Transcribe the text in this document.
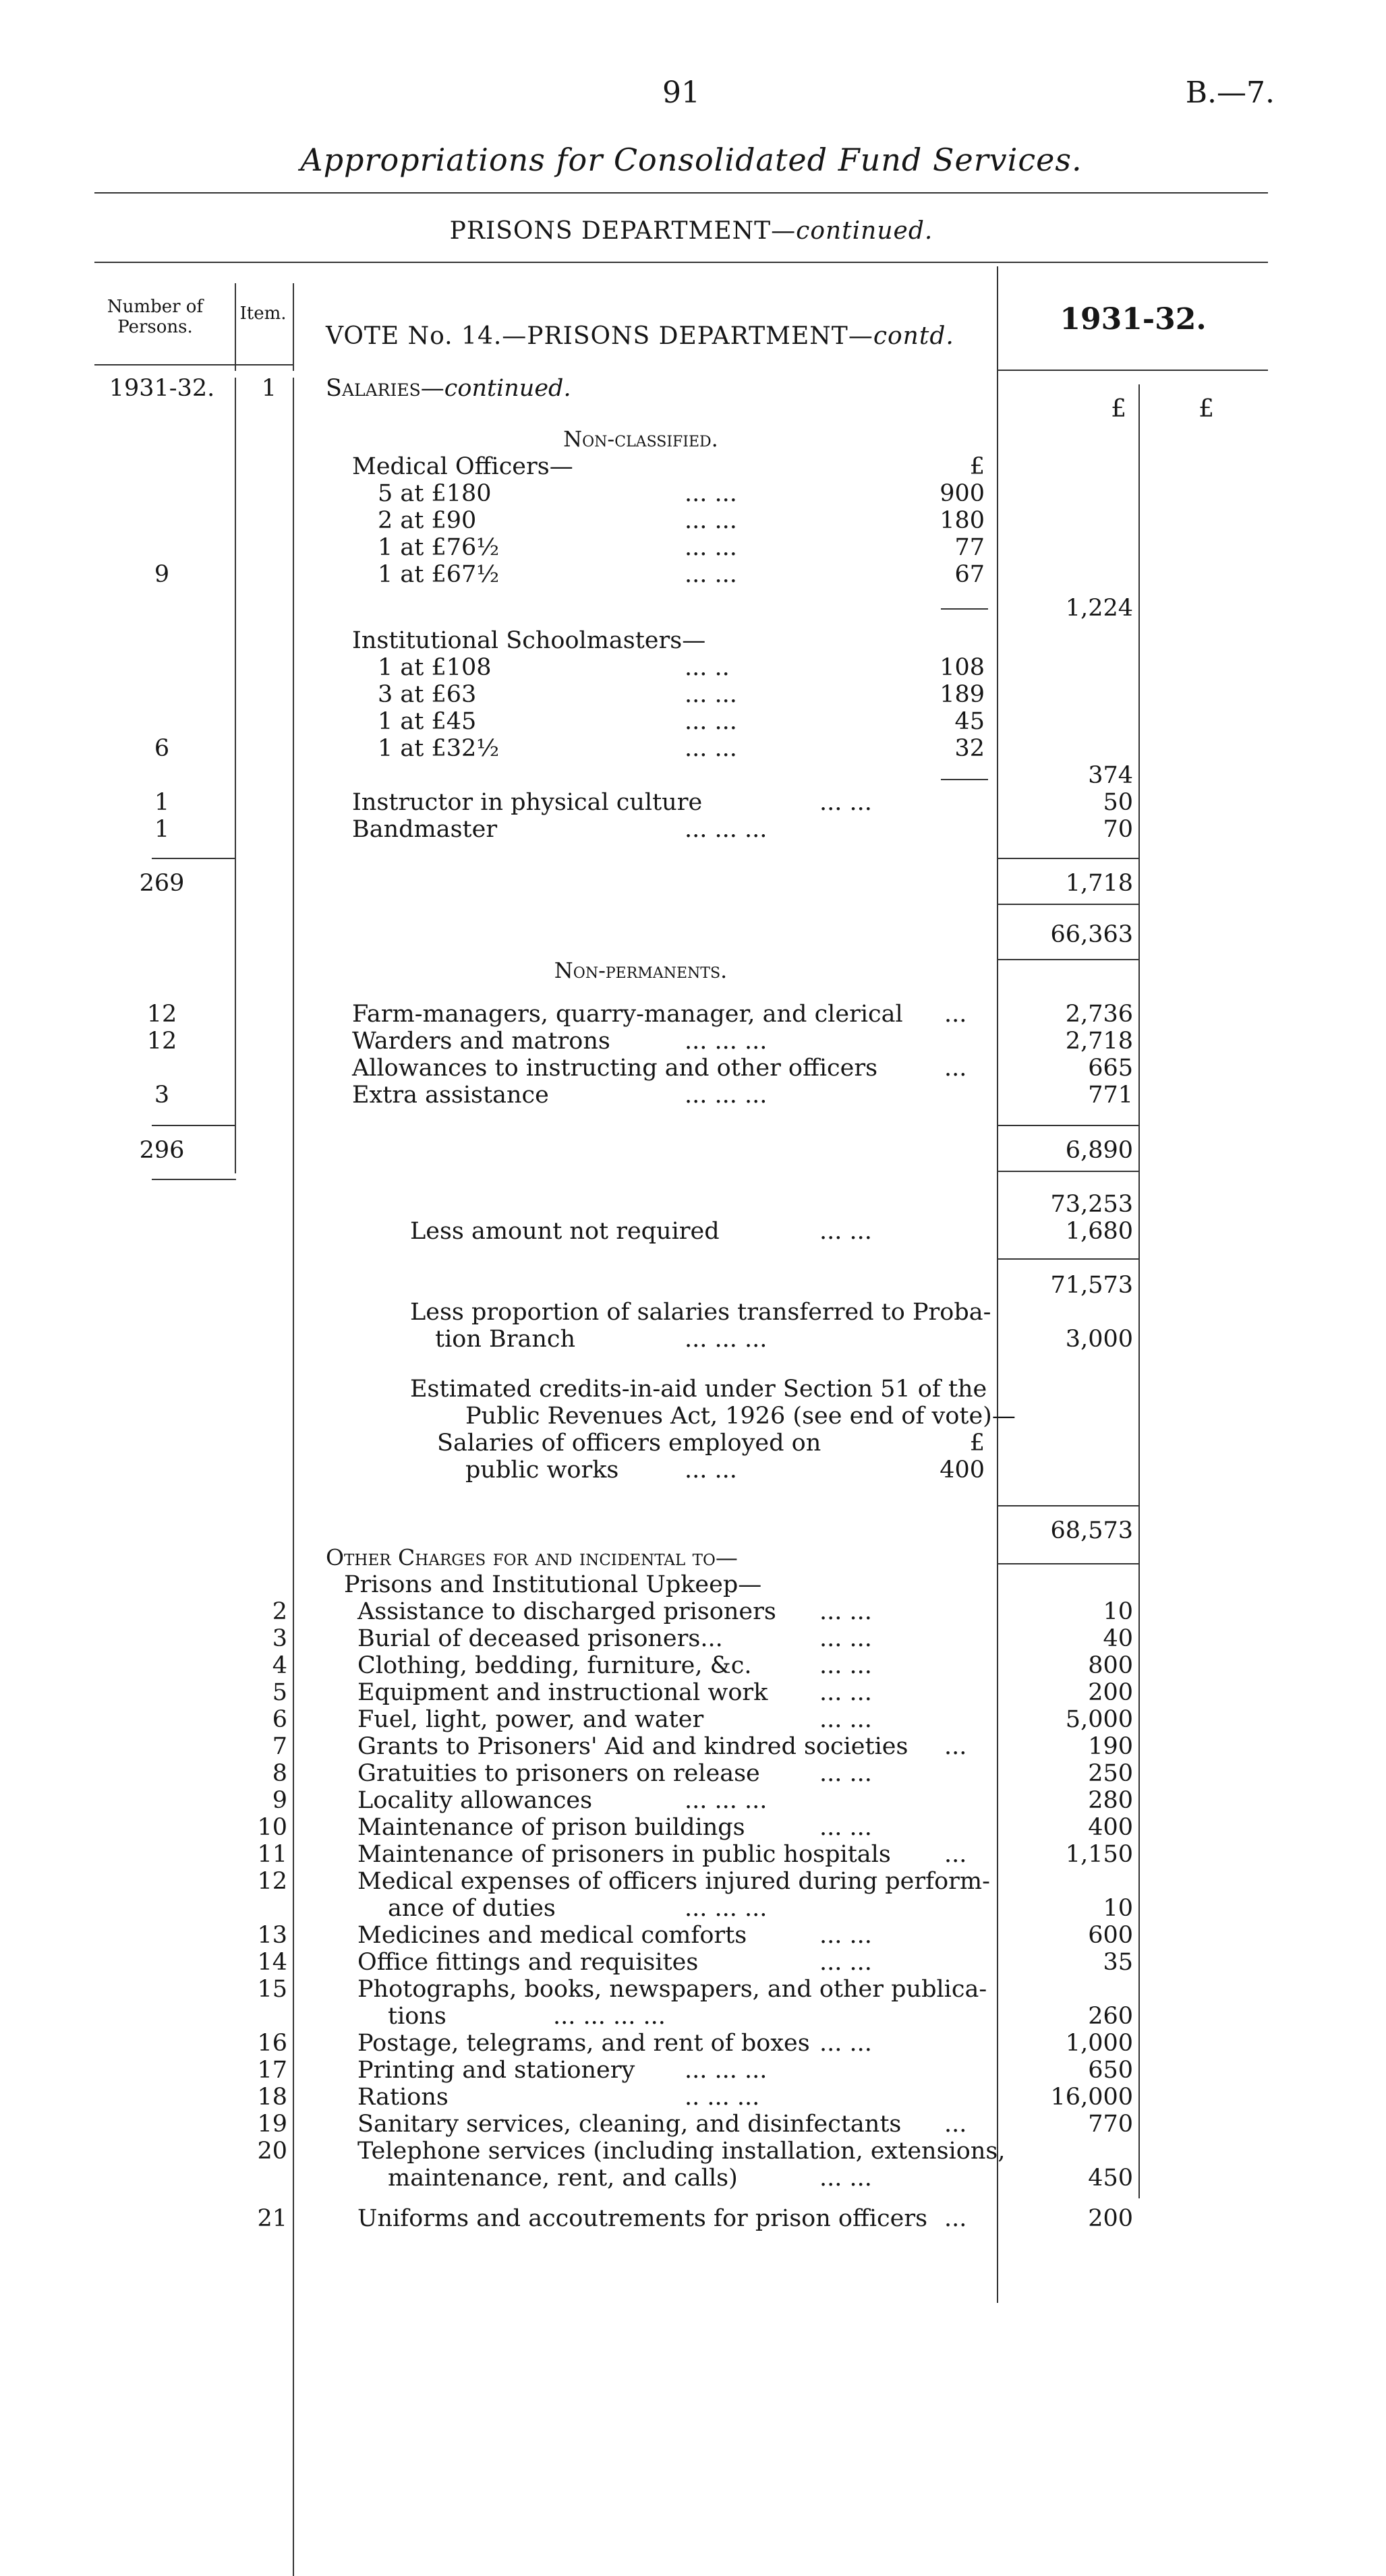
91	B.—7.
Appropriations for Consolidated Fund Services.
PRISONS DEPARTMENT—continued.
Number of Persons.
Item.
VOTE No. 14.—PRISONS DEPARTMENT—contd.	1931-32.
£	£
1931-32.	1 Salaries—continued.
Non-classified.
Medical Officers—	£
5 at £180	... ...	900
2 at £90	... ...	180
1 at £76½	... ...	77
9	1 at £67½	... ...	67
1,224
Institutional Schoolmasters—
1 at £108	... ..	108
3 at £63	... ...	189
1 at £45	... ...	45
6	1 at £32½	... ...	32
374
1	Instructor in physical culture	... ...	50
1	Bandmaster	... ... ...	70
269	1,718
66,363
Non-permanents.
12	Farm-managers, quarry-manager, and clerical ...	2,736
12	Warders and matrons	... ... ...	2,718
Allowances to instructing and other officers	...	665
3	Extra assistance	... ... ...	771
296	6,890
73,253
Less amount not required	... ...	1,680
71,573
Less proportion of salaries transferred to Proba-
tion Branch	... ... ...	3,000
Estimated credits-in-aid under Section 51 of the
Public Revenues Act, 1926 (see end of vote)—
Salaries of officers employed on	£
public works	... ...	400
68,573
Other Charges for and incidental to—
Prisons and Institutional Upkeep—
2	Assistance to discharged prisoners ... ...	10
3	Burial of deceased prisoners...	... ...	40
4	Clothing, bedding, furniture, &c.	... ...	800
5	Equipment and instructional work ... ...	200
6	Fuel, light, power, and water	... ...	5,000
7	Grants to Prisoners' Aid and kindred societies ...	190
8	Gratuities to prisoners on release	... ...	250
9	Locality allowances	... ... ...	280
10	Maintenance of prison buildings	... ...	400
11	Maintenance of prisoners in public hospitals ...	1,150
12	Medical expenses of officers injured during perform-
ance of duties	... ... ...	10
13	Medicines and medical comforts	... ...	600
14	Office fittings and requisites	... ...	35
15	Photographs, books, newspapers, and other publica-
tions	... ... ... ...	260
16	Postage, telegrams, and rent of boxes ... ...	1,000
17	Printing and stationery ... ... ...	650
18	Rations	.. ... ...	16,000
19	Sanitary services, cleaning, and disinfectants ...	770
20	Telephone services (including installation, extensions,
maintenance, rent, and calls)	... ...	450
21	Uniforms and accoutrements for prison officers ...	200
